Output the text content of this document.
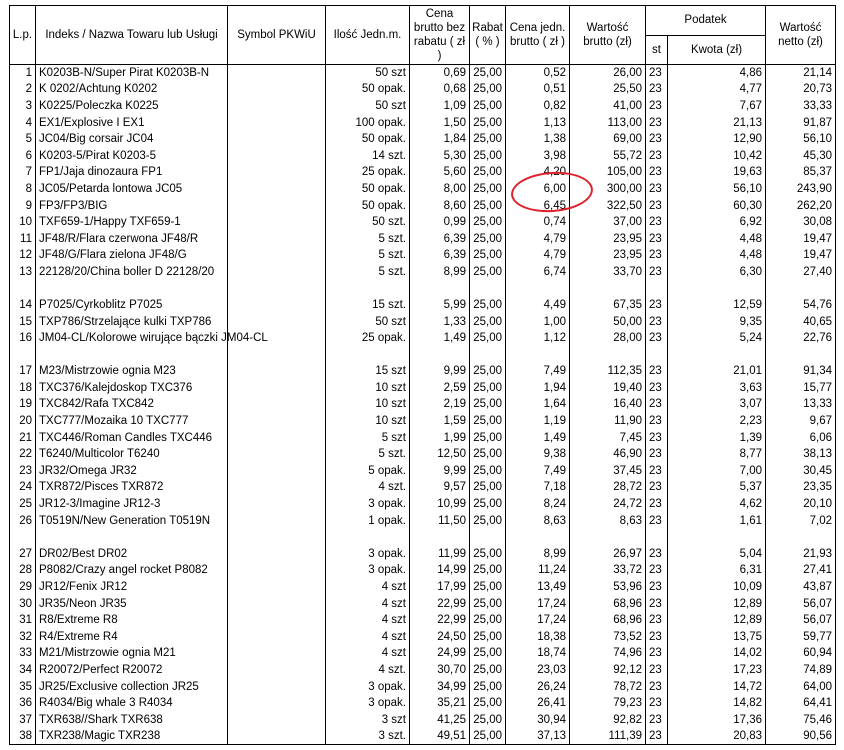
L.p.	Indeks / Nazwa Towaru lub Usługi	Symbol PKWiU	Ilość Jedn.m.	Cena brutto bez rabatu ( zł )	Rabat ( % )	Cena jedn. brutto ( zł )	Wartość brutto (zł)	Podatek		Wartość netto (zł)
								st	Kwota (zł)	
1	K0203B-N/Super Pirat K0203B-N		50 szt	0,69	25,00	0,52	26,00	23	4,86	21,14
2	K 0202/Achtung K0202		50 opak.	0,68	25,00	0,51	25,50	23	4,77	20,73
3	K0225/Poleczka K0225		50 szt	1,09	25,00	0,82	41,00	23	7,67	33,33
4	EX1/Explosive I EX1		100 opak.	1,50	25,00	1,13	113,00	23	21,13	91,87
5	JC04/Big corsair JC04		50 opak.	1,84	25,00	1,38	69,00	23	12,90	56,10
6	K0203-5/Pirat K0203-5		14 szt.	5,30	25,00	3,98	55,72	23	10,42	45,30
7	FP1/Jaja dinozaura FP1		25 opak.	5,60	25,00	4,20	105,00	23	19,63	85,37
8	JC05/Petarda lontowa JC05		50 opak.	8,00	25,00	6,00	300,00	23	56,10	243,90
9	FP3/FP3/BIG		50 opak.	8,60	25,00	6,45	322,50	23	60,30	262,20
10	TXF659-1/Happy TXF659-1		50 szt.	0,99	25,00	0,74	37,00	23	6,92	30,08
11	JF48/R/Flara czerwona JF48/R		5 szt.	6,39	25,00	4,79	23,95	23	4,48	19,47
12	JF48/G/Flara zielona JF48/G		5 szt.	6,39	25,00	4,79	23,95	23	4,48	19,47
13	22128/20/China boller D 22128/20		5 szt.	8,99	25,00	6,74	33,70	23	6,30	27,40

14	P7025/Cyrkoblitz P7025		15 szt.	5,99	25,00	4,49	67,35	23	12,59	54,76
15	TXP786/Strzelające kulki TXP786		50 szt	1,33	25,00	1,00	50,00	23	9,35	40,65
16	JM04-CL/Kolorowe wirujące bączki JM04-CL		25 opak.	1,49	25,00	1,12	28,00	23	5,24	22,76
17	M23/Mistrzowie ognia M23		15 szt	9,99	25,00	7,49	112,35	23	21,01	91,34
18	TXC376/Kalejdoskop TXC376		10 szt	2,59	25,00	1,94	19,40	23	3,63	15,77
19	TXC842/Rafa TXC842		10 szt	2,19	25,00	1,64	16,40	23	3,07	13,33
20	TXC777/Mozaika 10 TXC777		10 szt	1,59	25,00	1,19	11,90	23	2,23	9,67
21	TXC446/Roman Candles TXC446		5 szt	1,99	25,00	1,49	7,45	23	1,39	6,06
22	T6240/Multicolor T6240		5 szt.	12,50	25,00	9,38	46,90	23	8,77	38,13
23	JR32/Omega JR32		5 opak.	9,99	25,00	7,49	37,45	23	7,00	30,45
24	TXR872/Pisces TXR872		4 szt.	9,57	25,00	7,18	28,72	23	5,37	23,35
25	JR12-3/Imagine JR12-3		3 opak.	10,99	25,00	8,24	24,72	23	4,62	20,10
26	T0519N/New Generation T0519N		1 opak.	11,50	25,00	8,63	8,63	23	1,61	7,02

27	DR02/Best DR02		3 opak.	11,99	25,00	8,99	26,97	23	5,04	21,93
28	P8082/Crazy angel rocket P8082		3 opak.	14,99	25,00	11,24	33,72	23	6,31	27,41
29	JR12/Fenix JR12		4 szt	17,99	25,00	13,49	53,96	23	10,09	43,87
30	JR35/Neon JR35		4 szt	22,99	25,00	17,24	68,96	23	12,89	56,07
31	R8/Extreme R8		4 szt	22,99	25,00	17,24	68,96	23	12,89	56,07
32	R4/Extreme R4		4 szt	24,50	25,00	18,38	73,52	23	13,75	59,77
33	M21/Mistrzowie ognia M21		4 szt	24,99	25,00	18,74	74,96	23	14,02	60,94
34	R20072/Perfect R20072		4 szt.	30,70	25,00	23,03	92,12	23	17,23	74,89
35	JR25/Exclusive collection JR25		3 opak.	34,99	25,00	26,24	78,72	23	14,72	64,00
36	R4034/Big whale 3 R4034		3 opak.	35,21	25,00	26,41	79,23	23	14,82	64,41
37	TXR638//Shark TXR638		3 szt	41,25	25,00	30,94	92,82	23	17,36	75,46
38	TXR238/Magic TXR238		3 szt.	49,51	25,00	37,13	111,39	23	20,83	90,56
